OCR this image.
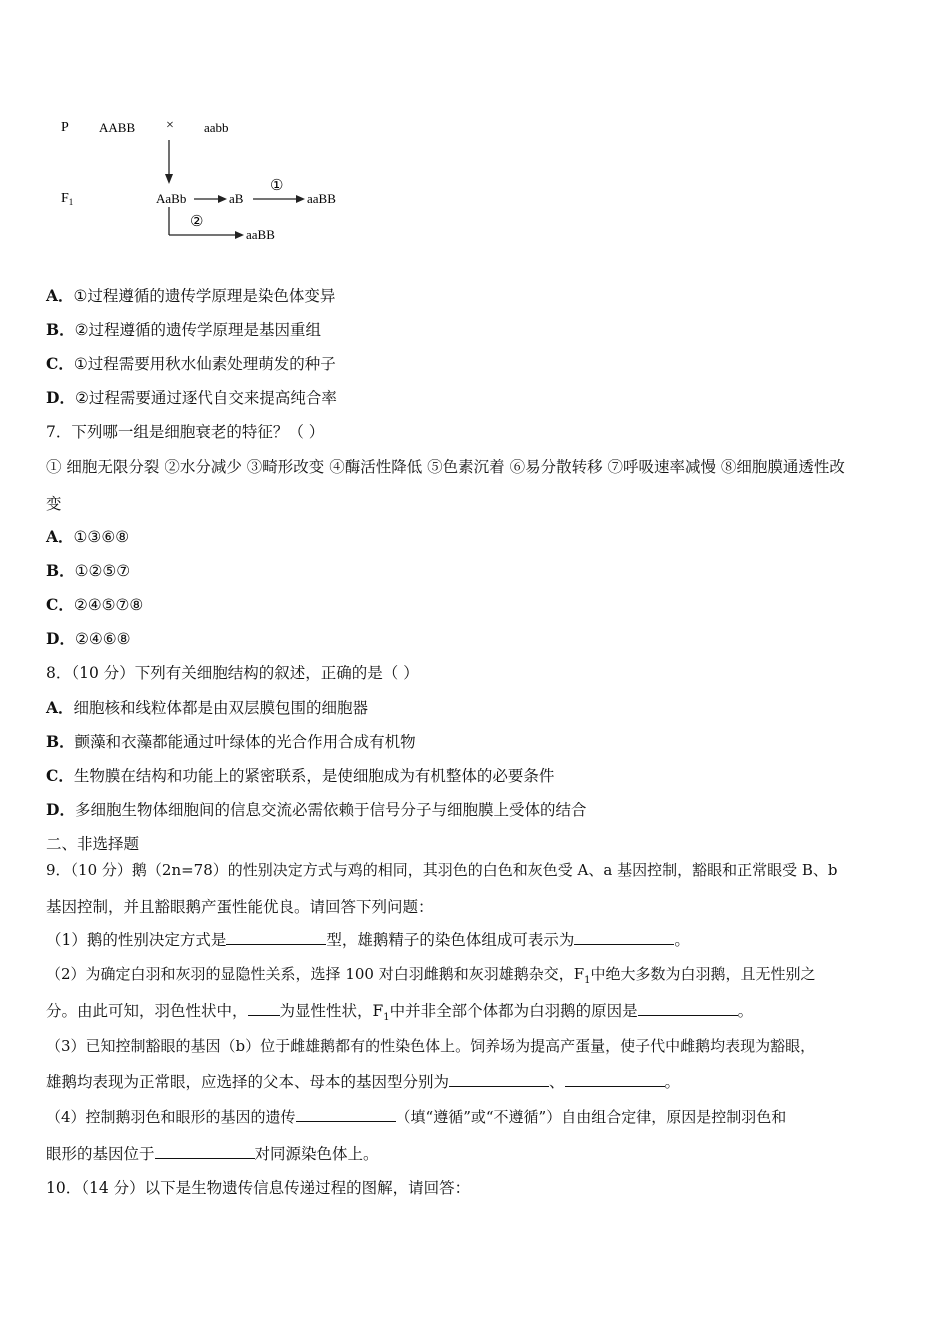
P AABB × aabb
$F_1$	AaBb	aB
①
aaBB
②
aaBB
A．①过程遵循的遗传学原理是染色体变异
B．②过程遵循的遗传学原理是基因重组
C．①过程需要用秋水仙素处理萌发的种子
D．②过程需要通过逐代自交来提高纯合率
7．下列哪一组是细胞衰老的特征？（ ）
① 细胞无限分裂 ②水分减少 ③畸形改变 ④酶活性降低 ⑤色素沉着 ⑥易分散转移 ⑦呼吸速率减慢 ⑧细胞膜通透性改
变
A．①③⑥⑧
B．①②⑤⑦
C．②④⑤⑦⑧
D．②④⑥⑧
8．（10 分）下列有关细胞结构的叙述，正确的是（ ）
A．细胞核和线粒体都是由双层膜包围的细胞器
B．颤藻和衣藻都能通过叶绿体的光合作用合成有机物
C．生物膜在结构和功能上的紧密联系，是使细胞成为有机整体的必要条件
D．多细胞生物体细胞间的信息交流必需依赖于信号分子与细胞膜上受体的结合
二、非选择题
9．（10 分）鹅（2n=78）的性别决定方式与鸡的相同，其羽色的白色和灰色受 A、a 基因控制，豁眼和正常眼受 B、b
基因控制，并且豁眼鹅产蛋性能优良。请回答下列问题：
（1）鹅的性别决定方式是	型，雄鹅精子的染色体组成可表示为	。
（2）为确定白羽和灰羽的显隐性关系，选择 100 对白羽雌鹅和灰羽雄鹅杂交，$F_1$中绝大多数为白羽鹅，且无性别之
分。由此可知，羽色性状中， 为显性性状，$F_1$中并非全部个体都为白羽鹅的原因是	。
（3）已知控制豁眼的基因（b）位于雌雄鹅都有的性染色体上。饲养场为提高产蛋量，使子代中雌鹅均表现为豁眼，
雄鹅均表现为正常眼，应选择的父本、母本的基因型分别为	、	。
（4）控制鹅羽色和眼形的基因的遗传	（填“遵循”或“不遵循”）自由组合定律，原因是控制羽色和
眼形的基因位于	对同源染色体上。
10．（14 分）以下是生物遗传信息传递过程的图解，请回答：
